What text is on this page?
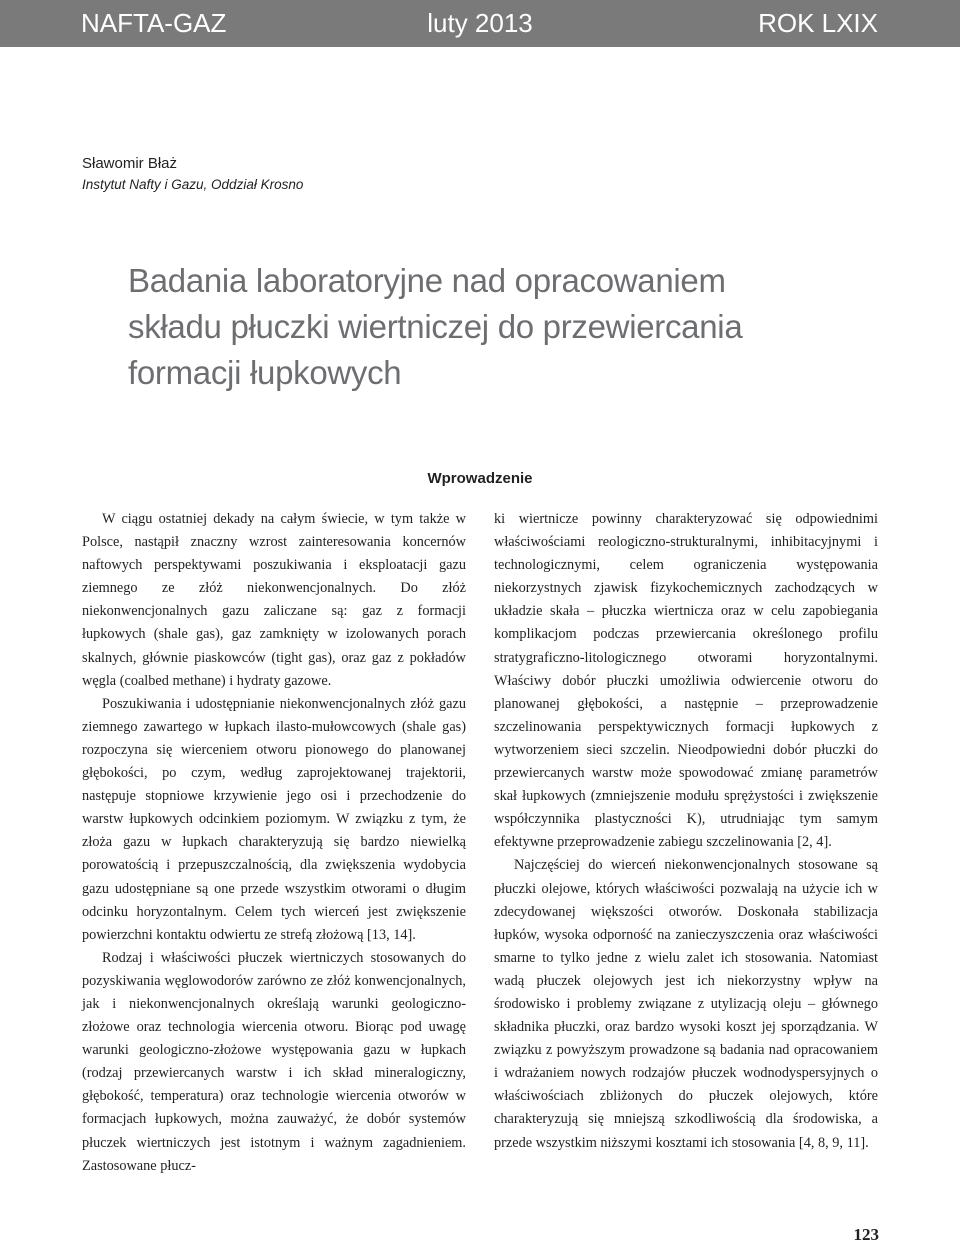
NAFTA-GAZ	luty 2013	ROK LXIX
Sławomir Błaż
Instytut Nafty i Gazu, Oddział Krosno
Badania laboratoryjne nad opracowaniem
składu płuczki wiertniczej do przewiercania
formacji łupkowych
Wprowadzenie

W ciągu ostatniej dekady na całym świecie, w tym także w Polsce, nastąpił znaczny wzrost zainteresowania koncernów naftowych perspektywami poszukiwania i eksploatacji gazu ziemnego ze złóż niekonwencjonalnych. Do złóż niekonwencjonalnych gazu zaliczane są: gaz z formacji łupkowych (shale gas), gaz zamknięty w izolowanych porach skalnych, głównie piaskowców (tight gas), oraz gaz z pokładów węgla (coalbed methane) i hydraty gazowe.

Poszukiwania i udostępnianie niekonwencjonalnych złóż gazu ziemnego zawartego w łupkach ilasto-mułowcowych (shale gas) rozpoczyna się wierceniem otworu pionowego do planowanej głębokości, po czym, według zaprojektowanej trajektorii, następuje stopniowe krzywienie jego osi i przechodzenie do warstw łupkowych odcinkiem poziomym. W związku z tym, że złoża gazu w łupkach charakteryzują się bardzo niewielką porowatością i przepuszczalnością, dla zwiększenia wydobycia gazu udostępniane są one przede wszystkim otworami o długim odcinku horyzontalnym. Celem tych wierceń jest zwiększenie powierzchni kontaktu odwiertu ze strefą złożową [13, 14].

Rodzaj i właściwości płuczek wiertniczych stosowanych do pozyskiwania węglowodorów zarówno ze złóż konwencjonalnych, jak i niekonwencjonalnych określają warunki geologiczno-złożowe oraz technologia wiercenia otworu. Biorąc pod uwagę warunki geologiczno-złożowe występowania gazu w łupkach (rodzaj przewiercanych warstw i ich skład mineralogiczny, głębokość, temperatura) oraz technologie wiercenia otworów w formacjach łupkowych, można zauważyć, że dobór systemów płuczek wiertniczych jest istotnym i ważnym zagadnieniem. Zastosowane płucz-

ki wiertnicze powinny charakteryzować się odpowiednimi właściwościami reologiczno-strukturalnymi, inhibitacyjnymi i technologicznymi, celem ograniczenia występowania niekorzystnych zjawisk fizykochemicznych zachodzących w układzie skała – płuczka wiertnicza oraz w celu zapobiegania komplikacjom podczas przewiercania określonego profilu stratygraficzno-litologicznego otworami horyzontalnymi. Właściwy dobór płuczki umożliwia odwiercenie otworu do planowanej głębokości, a następnie – przeprowadzenie szczelinowania perspektywicznych formacji łupkowych z wytworzeniem sieci szczelin. Nieodpowiedni dobór płuczki do przewiercanych warstw może spowodować zmianę parametrów skał łupkowych (zmniejszenie modułu sprężystości i zwiększenie współczynnika plastyczności K), utrudniając tym samym efektywne przeprowadzenie zabiegu szczelinowania [2, 4].

Najczęściej do wierceń niekonwencjonalnych stosowane są płuczki olejowe, których właściwości pozwalają na użycie ich w zdecydowanej większości otworów. Doskonała stabilizacja łupków, wysoka odporność na zanieczyszczenia oraz właściwości smarne to tylko jedne z wielu zalet ich stosowania. Natomiast wadą płuczek olejowych jest ich niekorzystny wpływ na środowisko i problemy związane z utylizacją oleju – głównego składnika płuczki, oraz bardzo wysoki koszt jej sporządzania. W związku z powyższym prowadzone są badania nad opracowaniem i wdrażaniem nowych rodzajów płuczek wodnodyspersyjnych o właściwościach zbliżonych do płuczek olejowych, które charakteryzują się mniejszą szkodliwością dla środowiska, a przede wszystkim niższymi kosztami ich stosowania [4, 8, 9, 11].

123
